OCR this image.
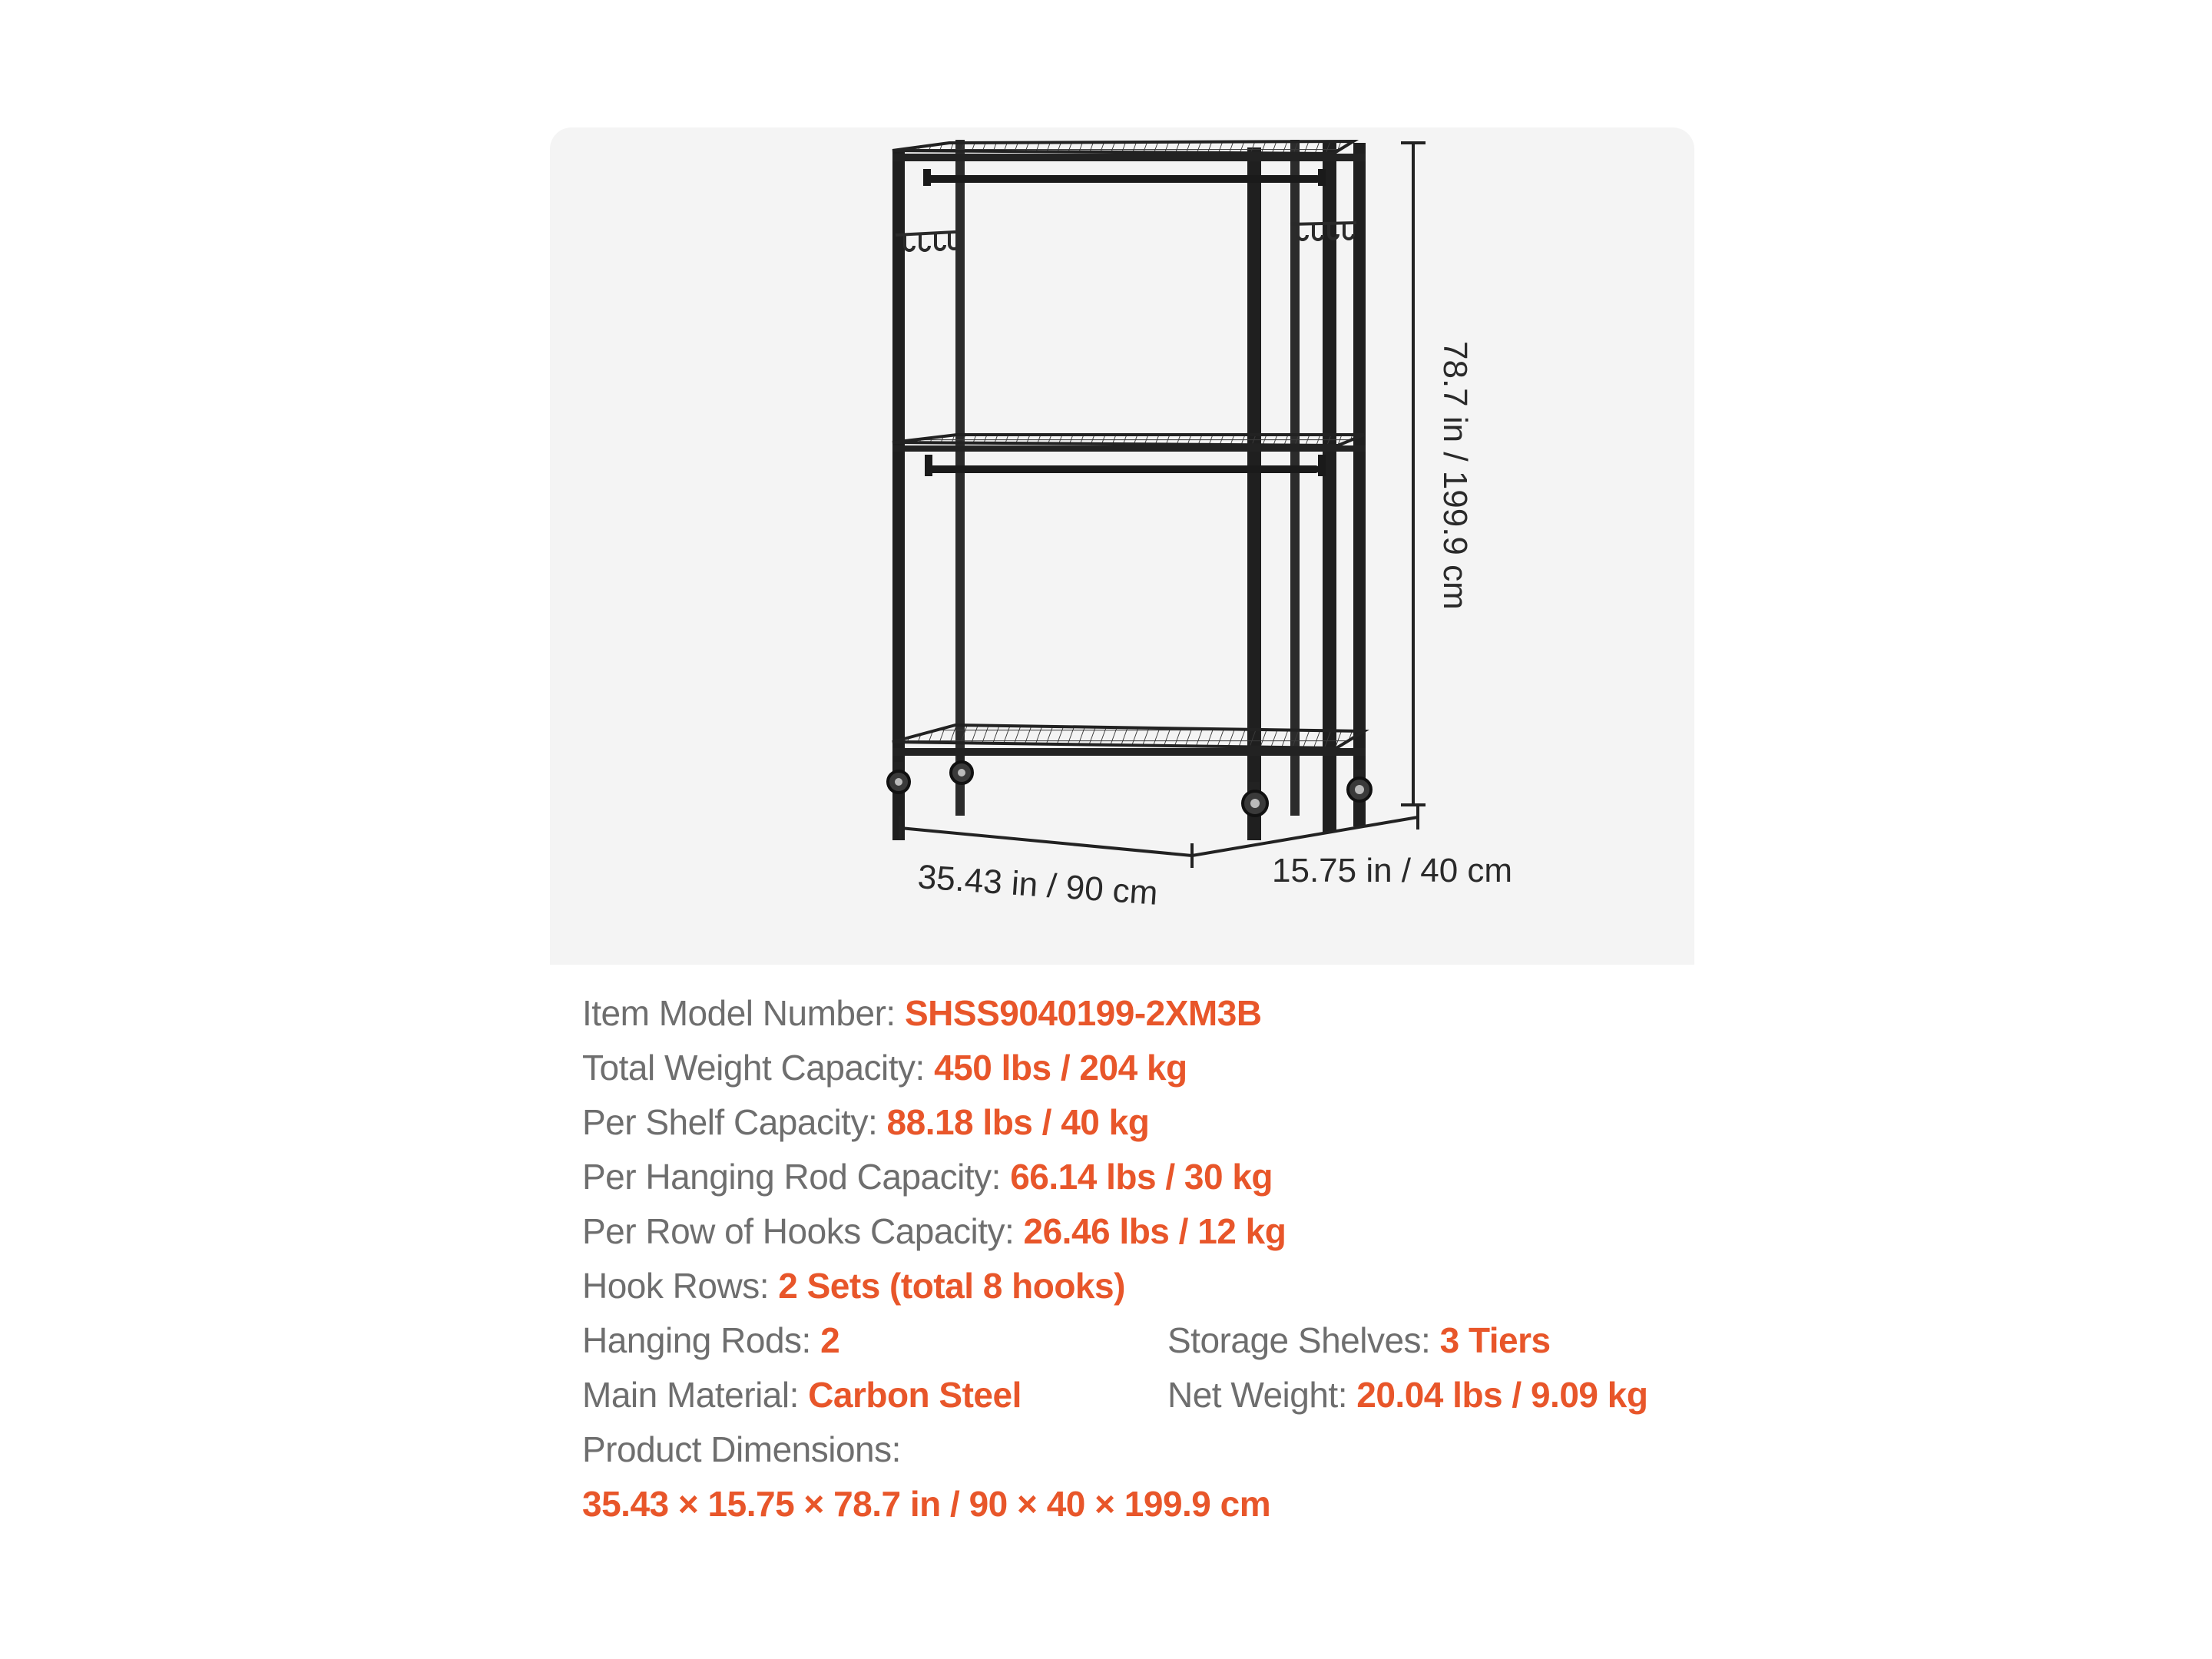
78.7 in / 199.9 cm
35.43 in / 90 cm	15.75 in / 40 cm
Item Model Number: SHSS9040199-2XM3B
Total Weight Capacity: 450 lbs / 204 kg
Per Shelf Capacity: 88.18 lbs / 40 kg
Per Hanging Rod Capacity: 66.14 lbs / 30 kg
Per Row of Hooks Capacity: 26.46 lbs / 12 kg
Hook Rows: 2 Sets (total 8 hooks)
Hanging Rods: 2	Storage Shelves: 3 Tiers
Main Material: Carbon Steel	Net Weight: 20.04 lbs / 9.09 kg
Product Dimensions:
35.43 × 15.75 × 78.7 in / 90 × 40 × 199.9 cm
